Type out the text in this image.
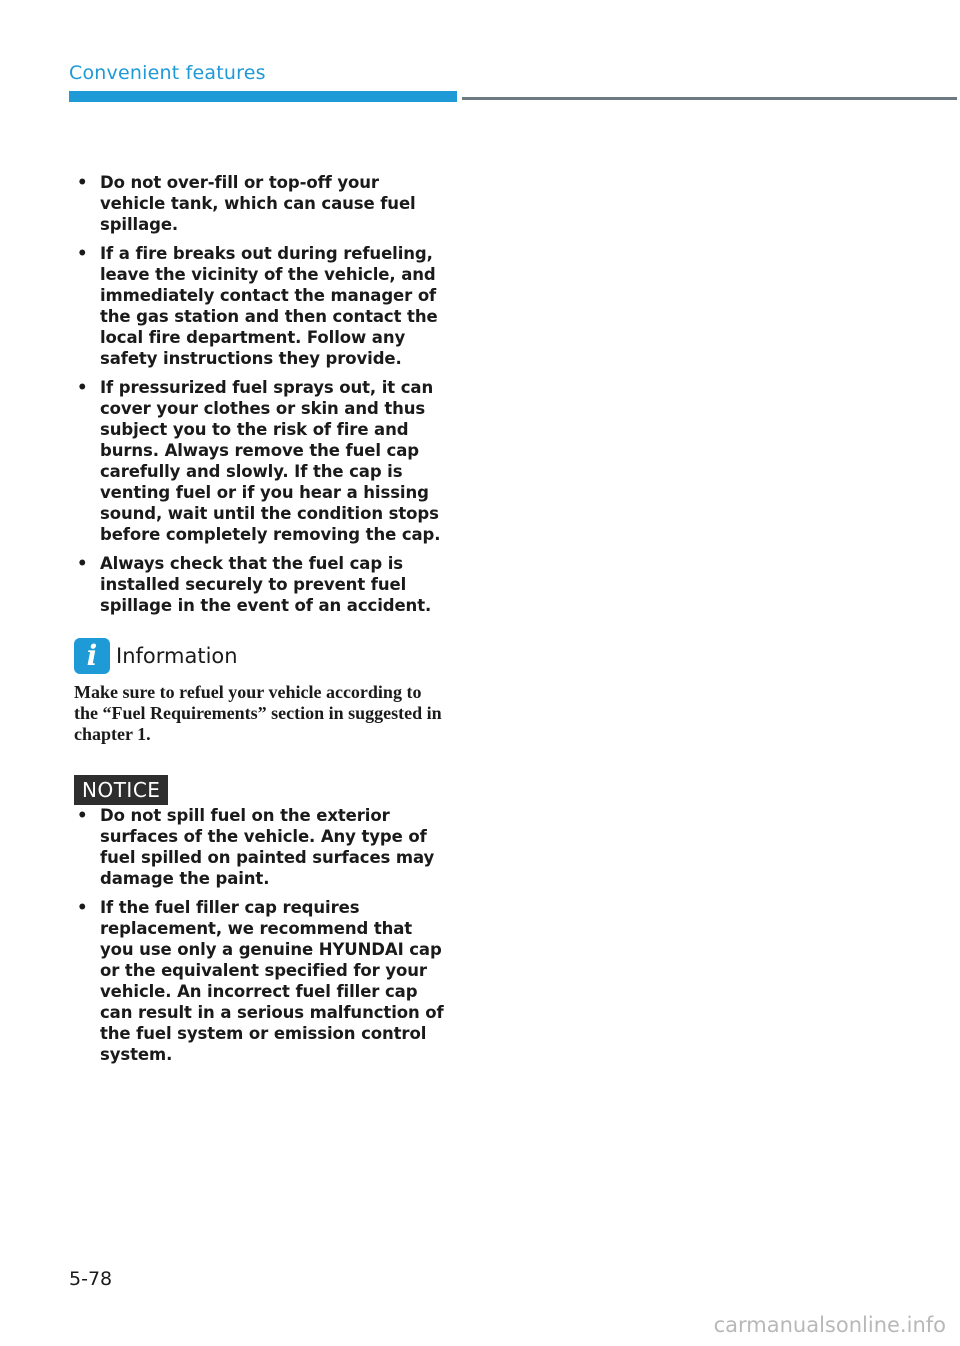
Convenient features
• Do not over-fill or top-off your vehicle tank, which can cause fuel spillage.
• If a fire breaks out during refueling, leave the vicinity of the vehicle, and immediately contact the manager of the gas station and then contact the local fire department. Follow any safety instructions they provide.
• If pressurized fuel sprays out, it can cover your clothes or skin and thus subject you to the risk of fire and burns. Always remove the fuel cap carefully and slowly. If the cap is venting fuel or if you hear a hissing sound, wait until the condition stops before completely removing the cap.
• Always check that the fuel cap is installed securely to prevent fuel spillage in the event of an accident.
i Information
Make sure to refuel your vehicle according to the “Fuel Requirements” section in suggested in chapter 1.
NOTICE
• Do not spill fuel on the exterior surfaces of the vehicle. Any type of fuel spilled on painted surfaces may damage the paint.
• If the fuel filler cap requires replacement, we recommend that you use only a genuine HYUNDAI cap or the equivalent specified for your vehicle. An incorrect fuel filler cap can result in a serious malfunction of the fuel system or emission control system.
5-78
carmanualsonline.info
